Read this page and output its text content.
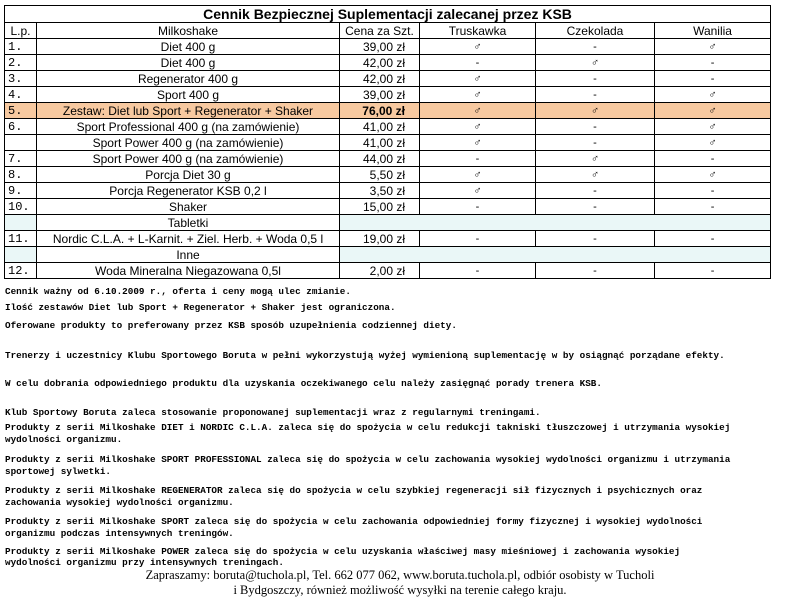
Cennik Bezpiecznej Suplementacji zalecanej przez KSB					
L.p.	Milkoshake	Cena za Szt.	Truskawka	Czekolada	Wanilia
1.	Diet 400 g	39,00 zł	♂	-	♂
2.	Diet 400 g	42,00 zł	-	♂	-
3.	Regenerator 400 g	42,00 zł	♂	-	-
4.	Sport 400 g	39,00 zł	♂	-	♂
5.	Zestaw: Diet lub Sport + Regenerator + Shaker	76,00 zł	♂	♂	♂
6.	Sport Professional 400 g (na zamówienie)	41,00 zł	♂	-	♂
	Sport Power 400 g (na zamówienie)	41,00 zł	♂	-	♂
7.	Sport Power 400 g (na zamówienie)	44,00 zł	-	♂	-
8.	Porcja Diet 30 g	5,50 zł	♂	♂	♂
9.	Porcja Regenerator KSB 0,2 l	3,50 zł	♂	-	-
10.	Shaker	15,00 zł	-	-	-
	Tabletki				
11.	Nordic C.L.A. + L-Karnit. + Ziel. Herb. + Woda 0,5 l	19,00 zł	-	-	-
	Inne				
12.	Woda Mineralna Niegazowana 0,5l	2,00 zł	-	-	-
Cennik ważny od 6.10.2009 r., oferta i ceny mogą ulec zmianie.
Ilość zestawów Diet lub Sport + Regenerator + Shaker jest ograniczona.
Oferowane produkty to preferowany przez KSB sposób uzupełnienia codziennej diety.
Trenerzy i uczestnicy Klubu Sportowego Boruta w pełni wykorzystują wyżej wymienioną suplementację w by osiągnąć porządane efekty.
W celu dobrania odpowiedniego produktu dla uzyskania oczekiwanego celu należy zasięgnąć porady trenera KSB.
Klub Sportowy Boruta zaleca stosowanie proponowanej suplementacji wraz z regularnymi treningami.
Produkty z serii Milkoshake DIET i NORDIC C.L.A. zaleca się do spożycia w celu redukcji takniski tłuszczowej i utrzymania wysokiej
wydolności organizmu.
Produkty z serii Milkoshake SPORT PROFESSIONAL zaleca się do spożycia w celu zachowania wysokiej wydolności organizmu i utrzymania
sportowej sylwetki.
Produkty z serii Milkoshake REGENERATOR zaleca się do spożycia w celu szybkiej regeneracji sił fizycznych i psychicznych oraz
zachowania wysokiej wydolności organizmu.
Produkty z serii Milkoshake SPORT zaleca się do spożycia w celu zachowania odpowiedniej formy fizycznej i wysokiej wydolności
organizmu podczas intensywnych treningów.
Produkty z serii Milkoshake POWER zaleca się do spożycia w celu uzyskania właściwej masy mieśniowej i zachowania wysokiej
wydolności organizmu przy intensywnych treningach.
Zapraszamy: boruta@tuchola.pl, Tel. 662 077 062, www.boruta.tuchola.pl, odbiór osobisty w Tucholi
i Bydgoszczy, również możliwość wysyłki na terenie całego kraju.
